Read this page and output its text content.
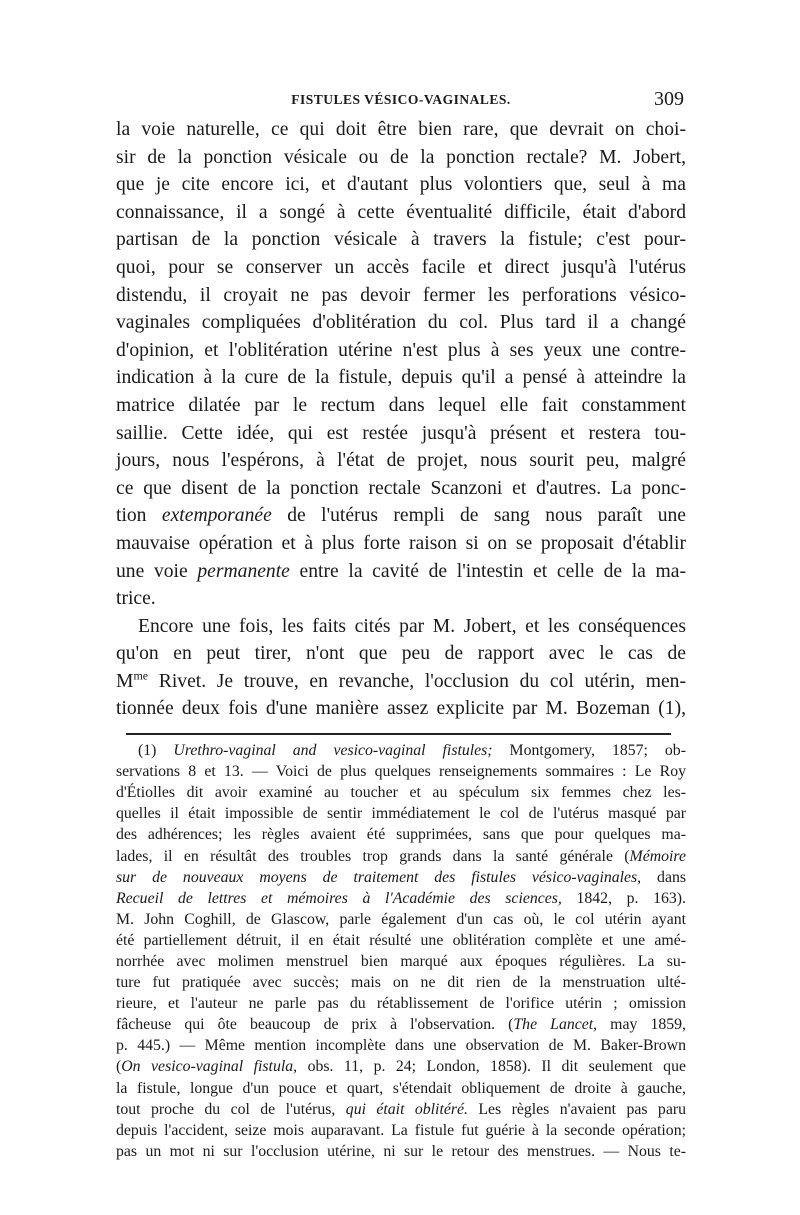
FISTULES VÉSICO-VAGINALES.	309

la voie naturelle, ce qui doit être bien rare, que devrait on choi-
sir de la ponction vésicale ou de la ponction rectale? M. Jobert,
que je cite encore ici, et d'autant plus volontiers que, seul à ma
connaissance, il a songé à cette éventualité difficile, était d'abord
partisan de la ponction vésicale à travers la fistule; c'est pour-
quoi, pour se conserver un accès facile et direct jusqu'à l'utérus
distendu, il croyait ne pas devoir fermer les perforations vésico-
vaginales compliquées d'oblitération du col. Plus tard il a changé
d'opinion, et l'oblitération utérine n'est plus à ses yeux une contre-
indication à la cure de la fistule, depuis qu'il a pensé à atteindre la
matrice dilatée par le rectum dans lequel elle fait constamment
saillie. Cette idée, qui est restée jusqu'à présent et restera tou-
jours, nous l'espérons, à l'état de projet, nous sourit peu, malgré
ce que disent de la ponction rectale Scanzoni et d'autres. La ponc-
tion extemporanée de l'utérus rempli de sang nous paraît une
mauvaise opération et à plus forte raison si on se proposait d'établir
une voie permanente entre la cavité de l'intestin et celle de la ma-
trice.

Encore une fois, les faits cités par M. Jobert, et les conséquences
qu'on en peut tirer, n'ont que peu de rapport avec le cas de
$M^{me}$ Rivet. Je trouve, en revanche, l'occlusion du col utérin, men-
tionnée deux fois d'une manière assez explicite par M. Bozeman (1),

(1) Urethro-vaginal and vesico-vaginal fistules; Montgomery, 1857; ob-
servations 8 et 13. — Voici de plus quelques renseignements sommaires : Le Roy
d'Étiolles dit avoir examiné au toucher et au spéculum six femmes chez les-
quelles il était impossible de sentir immédiatement le col de l'utérus masqué par
des adhérences; les règles avaient été supprimées, sans que pour quelques ma-
lades, il en résultât des troubles trop grands dans la santé générale (Mémoire
sur de nouveaux moyens de traitement des fistules vésico-vaginales, dans
Recueil de lettres et mémoires à l'Académie des sciences, 1842, p. 163).
M. John Coghill, de Glascow, parle également d'un cas où, le col utérin ayant
été partiellement détruit, il en était résulté une oblitération complète et une amé-
norrhée avec molimen menstruel bien marqué aux époques régulières. La su-
ture fut pratiquée avec succès; mais on ne dit rien de la menstruation ulté-
rieure, et l'auteur ne parle pas du rétablissement de l'orifice utérin ; omission
fâcheuse qui ôte beaucoup de prix à l'observation. (The Lancet, may 1859,
p. 445.) — Même mention incomplète dans une observation de M. Baker-Brown
(On vesico-vaginal fistula, obs. 11, p. 24; London, 1858). Il dit seulement que
la fistule, longue d'un pouce et quart, s'étendait obliquement de droite à gauche,
tout proche du col de l'utérus, qui était oblitéré. Les règles n'avaient pas paru
depuis l'accident, seize mois auparavant. La fistule fut guérie à la seconde opération;
pas un mot ni sur l'occlusion utérine, ni sur le retour des menstrues. — Nous te-
